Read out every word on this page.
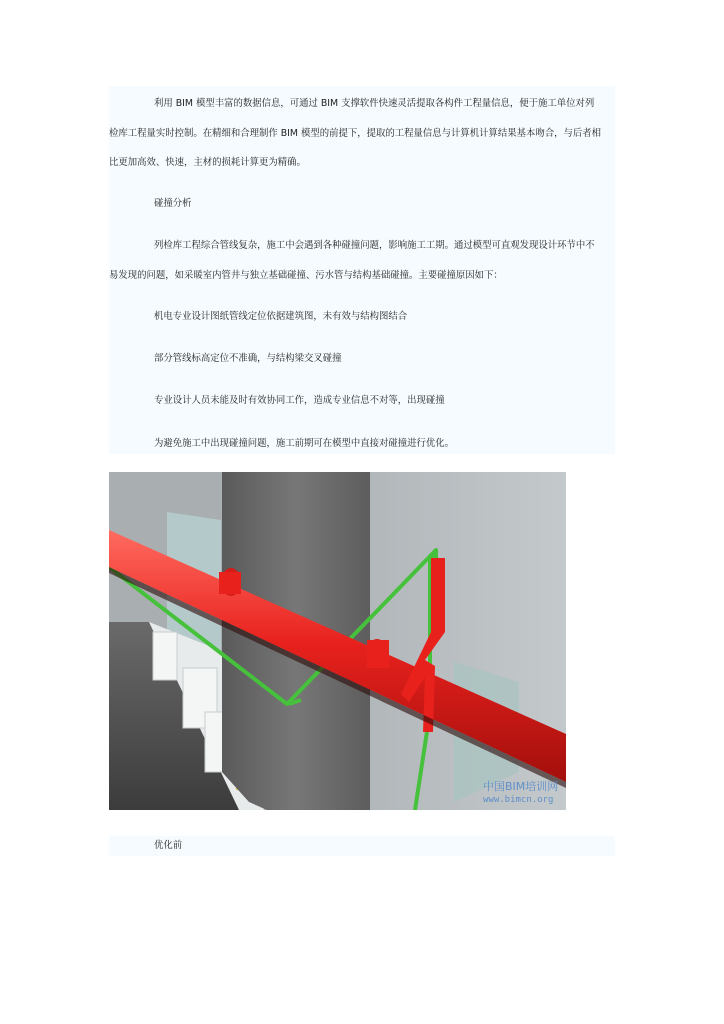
利用 BIM 模型丰富的数据信息，可通过 BIM 支撑软件快速灵活提取各构件工程量信息，便于施工单位对列
检库工程量实时控制。在精细和合理制作 BIM 模型的前提下，提取的工程量信息与计算机计算结果基本吻合，与后者相
比更加高效、快速，主材的损耗计算更为精确。
碰撞分析
列检库工程综合管线复杂，施工中会遇到各种碰撞问题，影响施工工期。通过模型可直观发现设计环节中不
易发现的问题，如采暖室内管井与独立基础碰撞、污水管与结构基础碰撞。主要碰撞原因如下：
机电专业设计图纸管线定位依据建筑图，未有效与结构图结合
部分管线标高定位不准确，与结构梁交叉碰撞
专业设计人员未能及时有效协同工作，造成专业信息不对等，出现碰撞
为避免施工中出现碰撞问题，施工前期可在模型中直接对碰撞进行优化。
中国BIM培训网
www.bimcn.org
优化前
